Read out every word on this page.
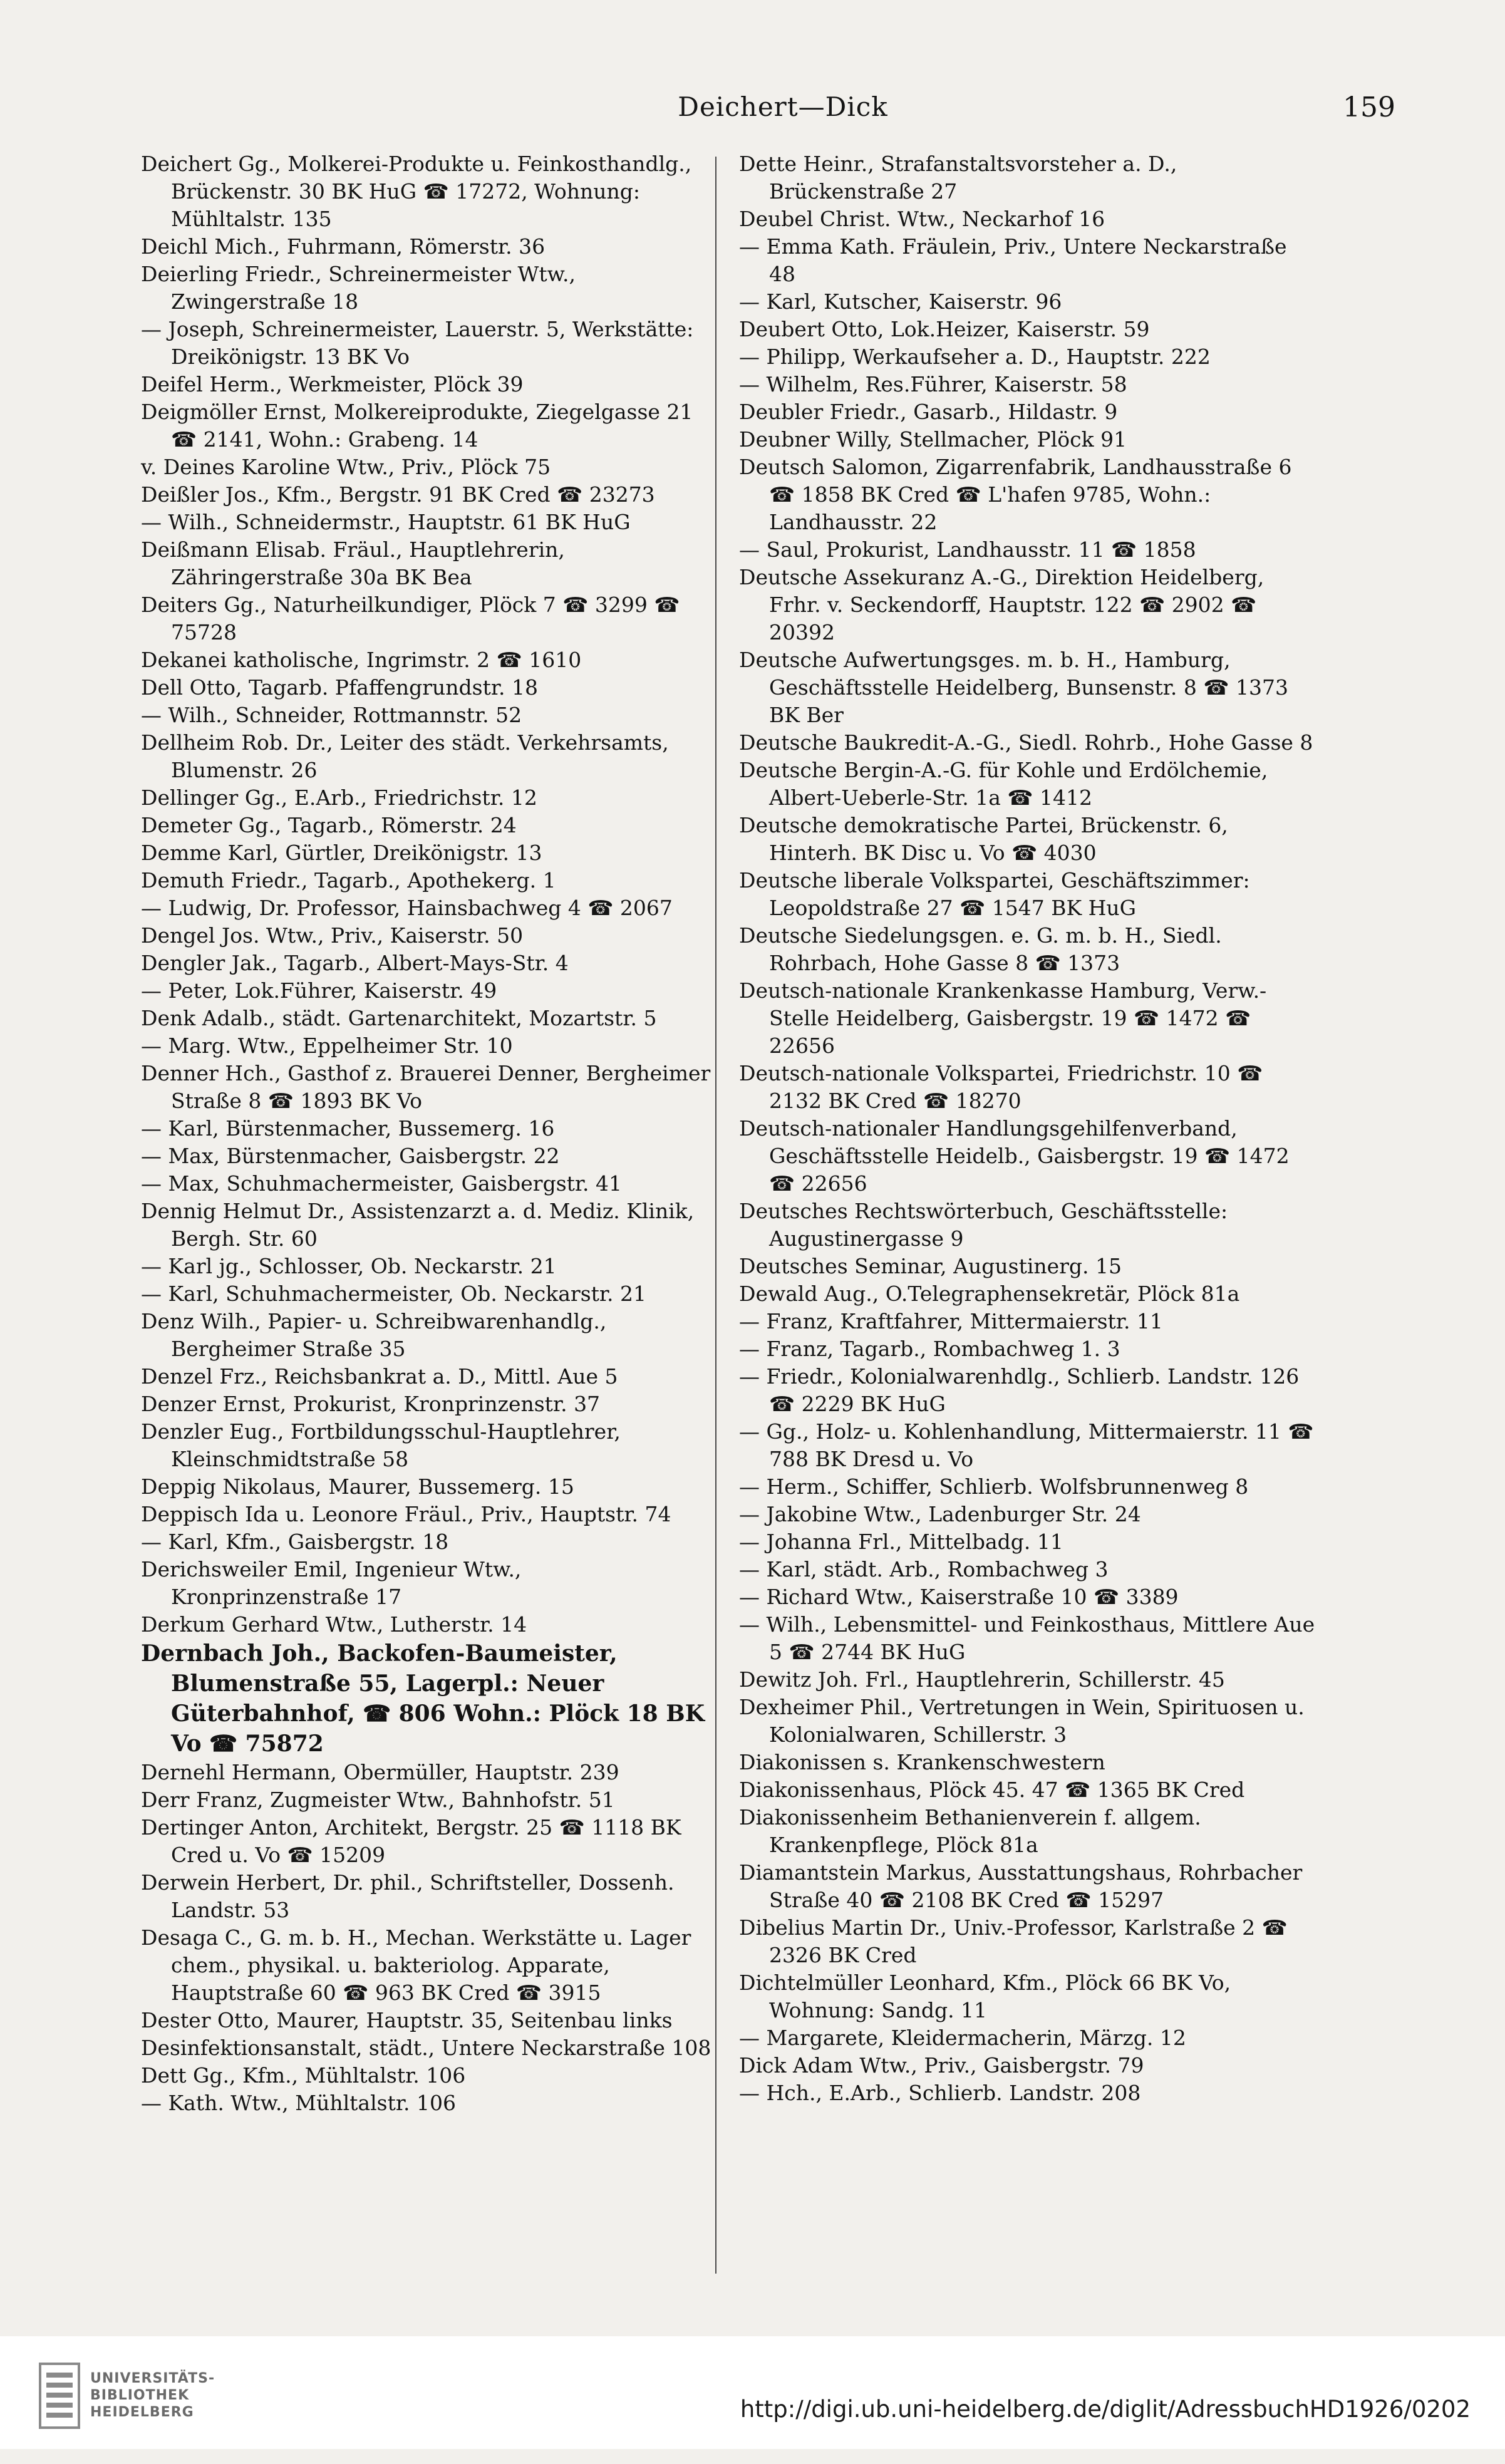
Deichert—Dick	159

Deichert Gg., Molkerei-Produkte u. Feinkosthandlg., Brückenstr. 30 BK HuG ☎ 17272, Wohnung: Mühltalstr. 135

Deichl Mich., Fuhrmann, Römerstr. 36

Deierling Friedr., Schreinermeister Wtw., Zwingerstraße 18

— Joseph, Schreinermeister, Lauerstr. 5, Werkstätte: Dreikönigstr. 13 BK Vo

Deifel Herm., Werkmeister, Plöck 39

Deigmöller Ernst, Molkereiprodukte, Ziegelgasse 21 ☎ 2141, Wohn.: Grabeng. 14

v. Deines Karoline Wtw., Priv., Plöck 75

Deißler Jos., Kfm., Bergstr. 91 BK Cred ☎ 23273

— Wilh., Schneidermstr., Hauptstr. 61 BK HuG

Deißmann Elisab. Fräul., Hauptlehrerin, Zähringerstraße 30a BK Bea

Deiters Gg., Naturheilkundiger, Plöck 7 ☎ 3299 ☎ 75728

Dekanei katholische, Ingrimstr. 2 ☎ 1610

Dell Otto, Tagarb. Pfaffengrundstr. 18

— Wilh., Schneider, Rottmannstr. 52

Dellheim Rob. Dr., Leiter des städt. Verkehrsamts, Blumenstr. 26

Dellinger Gg., E.Arb., Friedrichstr. 12

Demeter Gg., Tagarb., Römerstr. 24

Demme Karl, Gürtler, Dreikönigstr. 13

Demuth Friedr., Tagarb., Apothekerg. 1

— Ludwig, Dr. Professor, Hainsbachweg 4 ☎ 2067

Dengel Jos. Wtw., Priv., Kaiserstr. 50

Dengler Jak., Tagarb., Albert-Mays-Str. 4

— Peter, Lok.Führer, Kaiserstr. 49

Denk Adalb., städt. Gartenarchitekt, Mozartstr. 5

— Marg. Wtw., Eppelheimer Str. 10

Denner Hch., Gasthof z. Brauerei Denner, Bergheimer Straße 8 ☎ 1893 BK Vo

— Karl, Bürstenmacher, Bussemerg. 16

— Max, Bürstenmacher, Gaisbergstr. 22

— Max, Schuhmachermeister, Gaisbergstr. 41

Dennig Helmut Dr., Assistenzarzt a. d. Mediz. Klinik, Bergh. Str. 60

— Karl jg., Schlosser, Ob. Neckarstr. 21

— Karl, Schuhmachermeister, Ob. Neckarstr. 21

Denz Wilh., Papier- u. Schreibwarenhandlg., Bergheimer Straße 35

Denzel Frz., Reichsbankrat a. D., Mittl. Aue 5

Denzer Ernst, Prokurist, Kronprinzenstr. 37

Denzler Eug., Fortbildungsschul-Hauptlehrer, Kleinschmidtstraße 58

Deppig Nikolaus, Maurer, Bussemerg. 15

Deppisch Ida u. Leonore Fräul., Priv., Hauptstr. 74

— Karl, Kfm., Gaisbergstr. 18

Derichsweiler Emil, Ingenieur Wtw., Kronprinzenstraße 17

Derkum Gerhard Wtw., Lutherstr. 14

Dernbach Joh., Backofen-Baumeister, Blumenstraße 55, Lagerpl.: Neuer Güterbahnhof, ☎ 806 Wohn.: Plöck 18 BK Vo ☎ 75872

Dernehl Hermann, Obermüller, Hauptstr. 239

Derr Franz, Zugmeister Wtw., Bahnhofstr. 51

Dertinger Anton, Architekt, Bergstr. 25 ☎ 1118 BK Cred u. Vo ☎ 15209

Derwein Herbert, Dr. phil., Schriftsteller, Dossenh. Landstr. 53

Desaga C., G. m. b. H., Mechan. Werkstätte u. Lager chem., physikal. u. bakteriolog. Apparate, Hauptstraße 60 ☎ 963 BK Cred ☎ 3915

Dester Otto, Maurer, Hauptstr. 35, Seitenbau links

Desinfektionsanstalt, städt., Untere Neckarstraße 108

Dett Gg., Kfm., Mühltalstr. 106

— Kath. Wtw., Mühltalstr. 106

Dette Heinr., Strafanstaltsvorsteher a. D., Brückenstraße 27

Deubel Christ. Wtw., Neckarhof 16

— Emma Kath. Fräulein, Priv., Untere Neckarstraße 48

— Karl, Kutscher, Kaiserstr. 96

Deubert Otto, Lok.Heizer, Kaiserstr. 59

— Philipp, Werkaufseher a. D., Hauptstr. 222

— Wilhelm, Res.Führer, Kaiserstr. 58

Deubler Friedr., Gasarb., Hildastr. 9

Deubner Willy, Stellmacher, Plöck 91

Deutsch Salomon, Zigarrenfabrik, Landhausstraße 6 ☎ 1858 BK Cred ☎ L'hafen 9785, Wohn.: Landhausstr. 22

— Saul, Prokurist, Landhausstr. 11 ☎ 1858

Deutsche Assekuranz A.-G., Direktion Heidelberg, Frhr. v. Seckendorff, Hauptstr. 122 ☎ 2902 ☎ 20392

Deutsche Aufwertungsges. m. b. H., Hamburg, Geschäftsstelle Heidelberg, Bunsenstr. 8 ☎ 1373 BK Ber

Deutsche Baukredit-A.-G., Siedl. Rohrb., Hohe Gasse 8

Deutsche Bergin-A.-G. für Kohle und Erdölchemie, Albert-Ueberle-Str. 1a ☎ 1412

Deutsche demokratische Partei, Brückenstr. 6, Hinterh. BK Disc u. Vo ☎ 4030

Deutsche liberale Volkspartei, Geschäftszimmer: Leopoldstraße 27 ☎ 1547 BK HuG

Deutsche Siedelungsgen. e. G. m. b. H., Siedl. Rohrbach, Hohe Gasse 8 ☎ 1373

Deutsch-nationale Krankenkasse Hamburg, Verw.-Stelle Heidelberg, Gaisbergstr. 19 ☎ 1472 ☎ 22656

Deutsch-nationale Volkspartei, Friedrichstr. 10 ☎ 2132 BK Cred ☎ 18270

Deutsch-nationaler Handlungsgehilfenverband, Geschäftsstelle Heidelb., Gaisbergstr. 19 ☎ 1472 ☎ 22656

Deutsches Rechtswörterbuch, Geschäftsstelle: Augustinergasse 9

Deutsches Seminar, Augustinerg. 15

Dewald Aug., O.Telegraphensekretär, Plöck 81a

— Franz, Kraftfahrer, Mittermaierstr. 11

— Franz, Tagarb., Rombachweg 1. 3

— Friedr., Kolonialwarenhdlg., Schlierb. Landstr. 126 ☎ 2229 BK HuG

— Gg., Holz- u. Kohlenhandlung, Mittermaierstr. 11 ☎ 788 BK Dresd u. Vo

— Herm., Schiffer, Schlierb. Wolfsbrunnenweg 8

— Jakobine Wtw., Ladenburger Str. 24

— Johanna Frl., Mittelbadg. 11

— Karl, städt. Arb., Rombachweg 3

— Richard Wtw., Kaiserstraße 10 ☎ 3389

— Wilh., Lebensmittel- und Feinkosthaus, Mittlere Aue 5 ☎ 2744 BK HuG

Dewitz Joh. Frl., Hauptlehrerin, Schillerstr. 45

Dexheimer Phil., Vertretungen in Wein, Spirituosen u. Kolonialwaren, Schillerstr. 3

Diakonissen s. Krankenschwestern

Diakonissenhaus, Plöck 45. 47 ☎ 1365 BK Cred

Diakonissenheim Bethanienverein f. allgem. Krankenpflege, Plöck 81a

Diamantstein Markus, Ausstattungshaus, Rohrbacher Straße 40 ☎ 2108 BK Cred ☎ 15297

Dibelius Martin Dr., Univ.-Professor, Karlstraße 2 ☎ 2326 BK Cred

Dichtelmüller Leonhard, Kfm., Plöck 66 BK Vo, Wohnung: Sandg. 11

— Margarete, Kleidermacherin, Märzg. 12

Dick Adam Wtw., Priv., Gaisbergstr. 79

— Hch., E.Arb., Schlierb. Landstr. 208

UNIVERSITÄTS-
BIBLIOTHEK
HEIDELBERG	http://digi.ub.uni-heidelberg.de/diglit/AdressbuchHD1926/0202
